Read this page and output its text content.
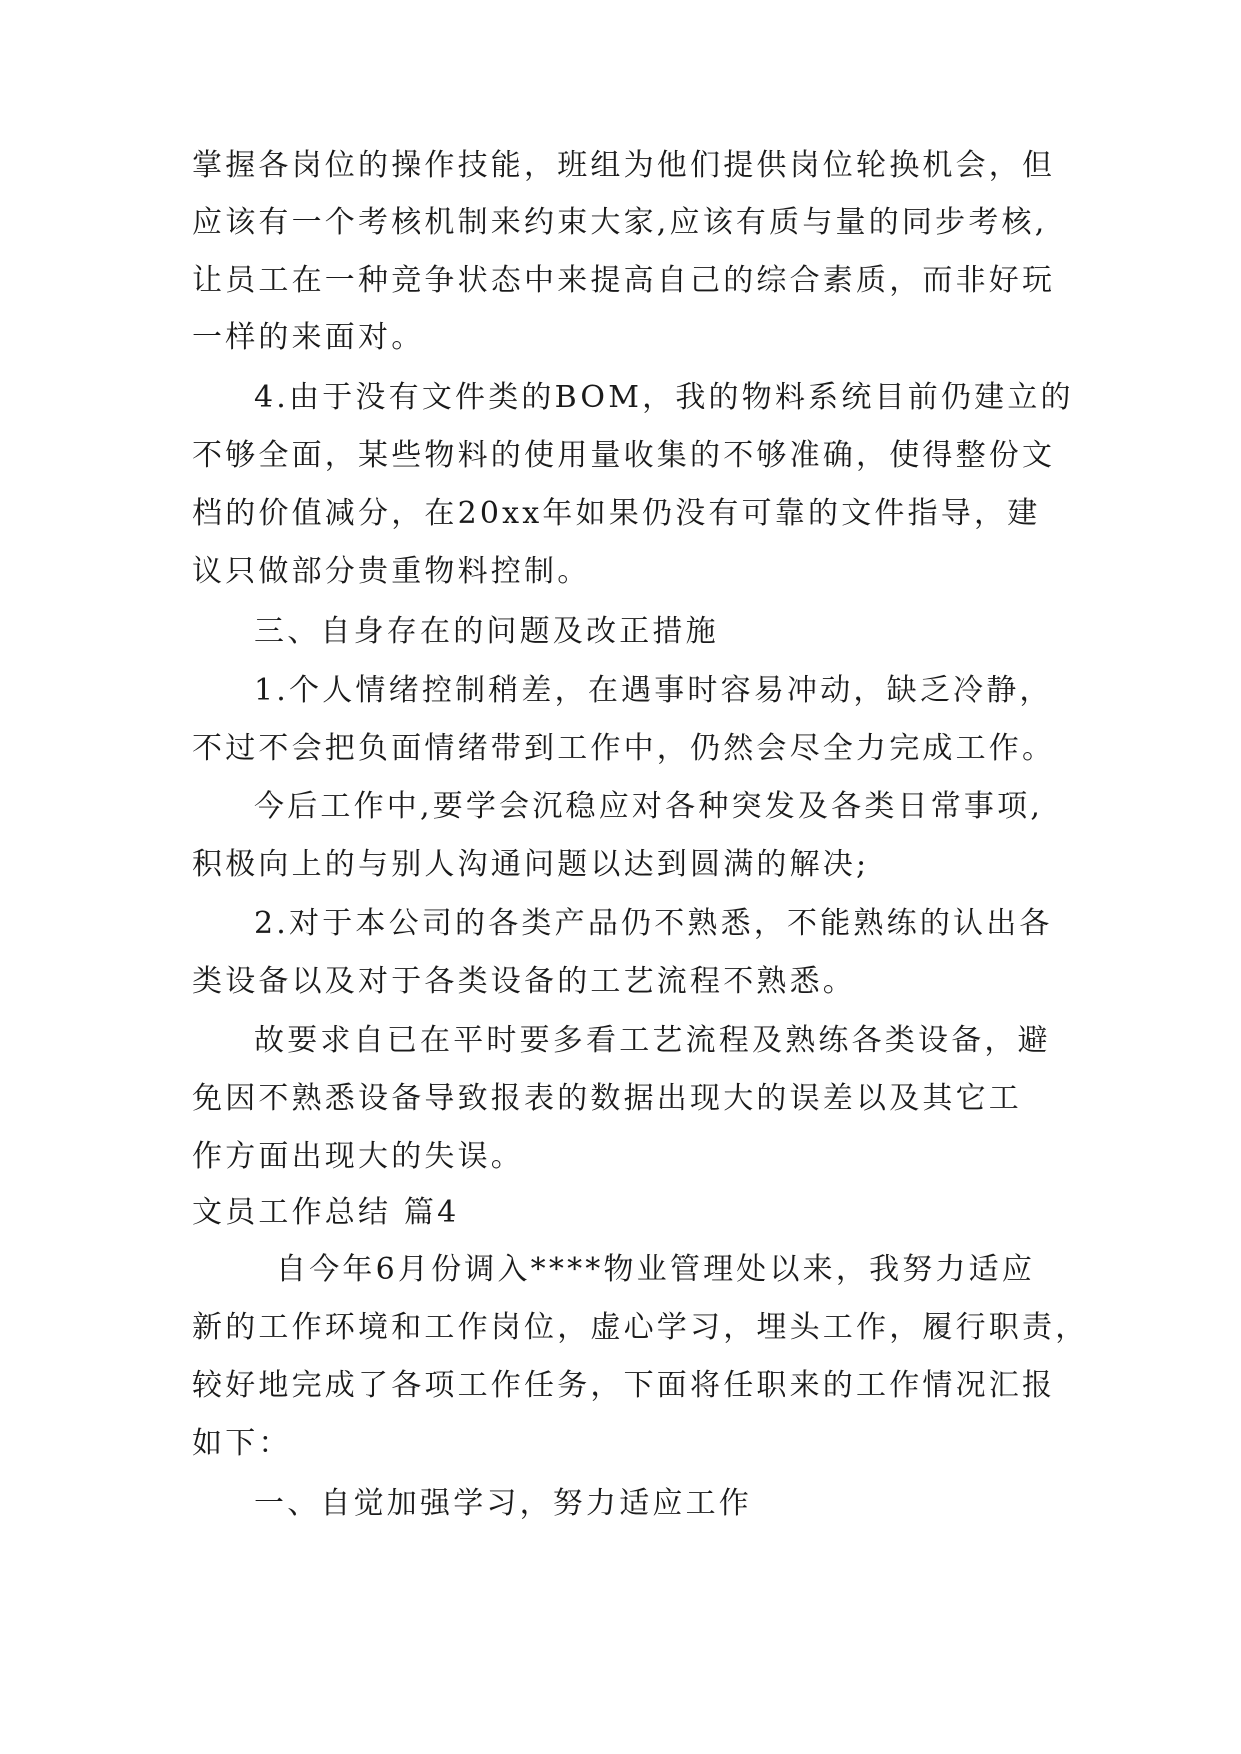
掌握各岗位的操作技能，班组为他们提供岗位轮换机会，但
应该有一个考核机制来约束大家,应该有质与量的同步考核,
让员工在一种竞争状态中来提高自己的综合素质，而非好玩
一样的来面对。
4.由于没有文件类的BOM，我的物料系统目前仍建立的
不够全面，某些物料的使用量收集的不够准确，使得整份文
档的价值减分，在20xx年如果仍没有可靠的文件指导，建
议只做部分贵重物料控制。
三、自身存在的问题及改正措施
1.个人情绪控制稍差，在遇事时容易冲动，缺乏冷静，
不过不会把负面情绪带到工作中，仍然会尽全力完成工作。
今后工作中,要学会沉稳应对各种突发及各类日常事项,
积极向上的与别人沟通问题以达到圆满的解决;
2.对于本公司的各类产品仍不熟悉，不能熟练的认出各
类设备以及对于各类设备的工艺流程不熟悉。
故要求自已在平时要多看工艺流程及熟练各类设备，避
免因不熟悉设备导致报表的数据出现大的误差以及其它工
作方面出现大的失误。
文员工作总结 篇4
自今年6月份调入****物业管理处以来，我努力适应
新的工作环境和工作岗位，虚心学习，埋头工作，履行职责，
较好地完成了各项工作任务，下面将任职来的工作情况汇报
如下：
一、自觉加强学习，努力适应工作
